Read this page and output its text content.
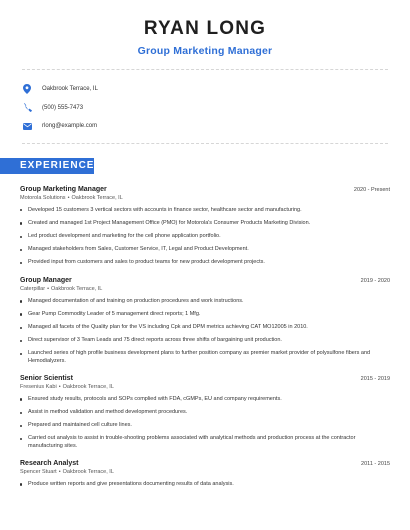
RYAN LONG
Group Marketing Manager
Oakbrook Terrace, IL
(500) 555-7473
rlong@example.com
EXPERIENCE
Group Marketing Manager	2020 - Present
Motorola Solutions • Oakbrook Terrace, IL
Developed 15 customers 3 vertical sectors with accounts in finance sector, healthcare sector and manufacturing.
Created and managed 1st Project Management Office (PMO) for Motorola's Consumer Products Marketing Division.
Led product development and marketing for the cell phone application portfolio.
Managed stakeholders from Sales, Customer Service, IT, Legal and Product Development.
Provided input from customers and sales to product teams for new product development projects.
Group Manager	2019 - 2020
Caterpillar • Oakbrook Terrace, IL
Managed documentation of and training on production procedures and work instructions.
Gear Pump Commodity Leader of 5 management direct reports; 1 Mfg.
Managed all facets of the Quality plan for the VS including Cpk and DPM metrics achieving CAT MO12005 in 2010.
Direct supervisor of 3 Team Leads and 75 direct reports across three shifts of bargaining unit production.
Launched series of high profile business development plans to further position company as premier market provider of polysulfone fibers and Hemodialyzers.
Senior Scientist	2015 - 2019
Fresenius Kabi • Oakbrook Terrace, IL
Ensured study results, protocols and SOPs complied with FDA, cGMPs, EU and company requirements.
Assist in method validation and method development procedures.
Prepared and maintained cell culture lines.
Carried out analysis to assist in trouble-shooting problems associated with analytical methods and production process at the contractor manufacturing sites.
Research Analyst	2011 - 2015
Spencer Stuart • Oakbrook Terrace, IL
Produce written reports and give presentations documenting results of data analysis.
